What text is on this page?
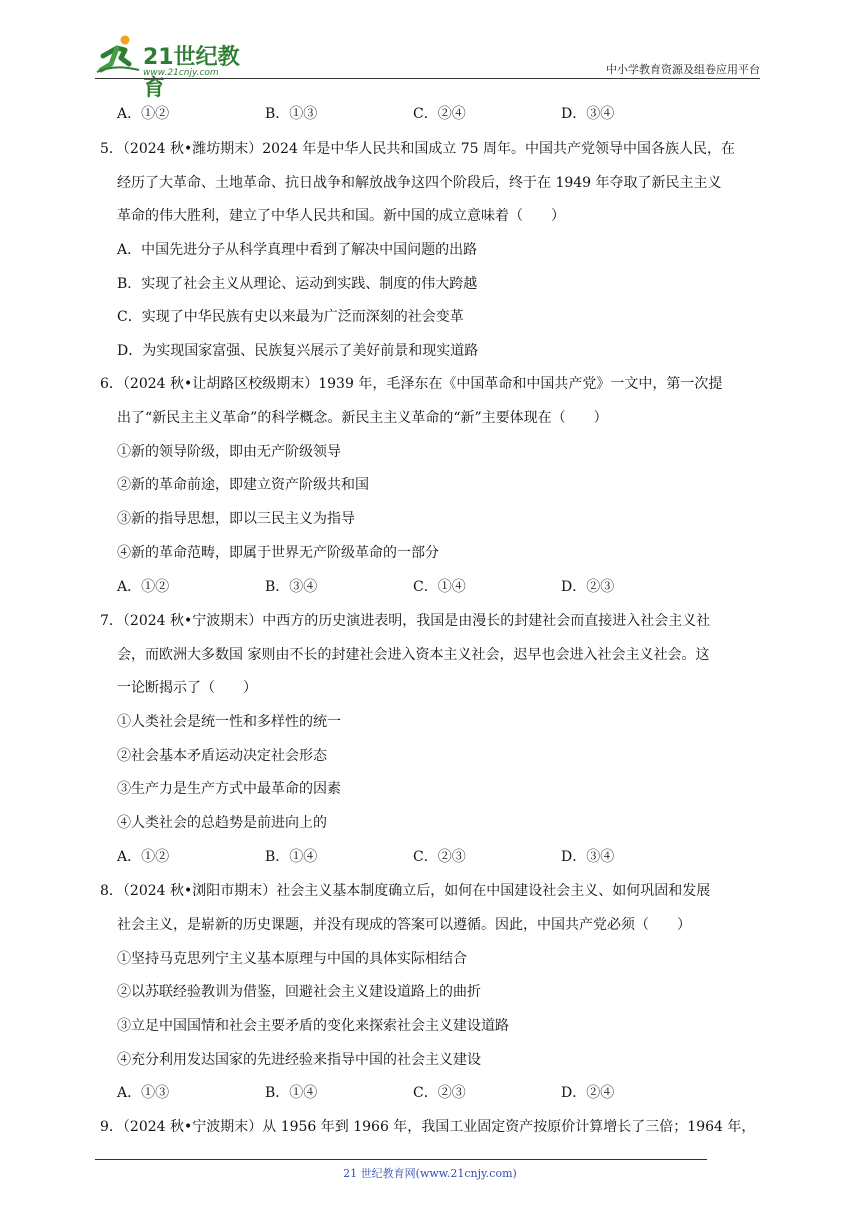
21世纪教育
www.21cnjy.com	中小学教育资源及组卷应用平台
A．①②	B．①③	C．②④	D．③④
5．（2024 秋•潍坊期末）2024 年是中华人民共和国成立 75 周年。中国共产党领导中国各族人民，在
经历了大革命、土地革命、抗日战争和解放战争这四个阶段后，终于在 1949 年夺取了新民主主义
革命的伟大胜利，建立了中华人民共和国。新中国的成立意味着（　　）
A．中国先进分子从科学真理中看到了解决中国问题的出路
B．实现了社会主义从理论、运动到实践、制度的伟大跨越
C．实现了中华民族有史以来最为广泛而深刻的社会变革
D．为实现国家富强、民族复兴展示了美好前景和现实道路
6．（2024 秋•让胡路区校级期末）1939 年，毛泽东在《中国革命和中国共产党》一文中，第一次提
出了“新民主主义革命”的科学概念。新民主主义革命的“新”主要体现在（　　）
①新的领导阶级，即由无产阶级领导
②新的革命前途，即建立资产阶级共和国
③新的指导思想，即以三民主义为指导
④新的革命范畴，即属于世界无产阶级革命的一部分
A．①②	B．③④	C．①④	D．②③
7．（2024 秋•宁波期末）中西方的历史演进表明，我国是由漫长的封建社会而直接进入社会主义社
会，而欧洲大多数国 家则由不长的封建社会进入资本主义社会，迟早也会进入社会主义社会。这
一论断揭示了（　　）
①人类社会是统一性和多样性的统一
②社会基本矛盾运动决定社会形态
③生产力是生产方式中最革命的因素
④人类社会的总趋势是前进向上的
A．①②	B．①④	C．②③	D．③④
8．（2024 秋•浏阳市期末）社会主义基本制度确立后，如何在中国建设社会主义、如何巩固和发展
社会主义，是崭新的历史课题，并没有现成的答案可以遵循。因此，中国共产党必须（　　）
①坚持马克思列宁主义基本原理与中国的具体实际相结合
②以苏联经验教训为借鉴，回避社会主义建设道路上的曲折
③立足中国国情和社会主要矛盾的变化来探索社会主义建设道路
④充分利用发达国家的先进经验来指导中国的社会主义建设
A．①③	B．①④	C．②③	D．②④
9．（2024 秋•宁波期末）从 1956 年到 1966 年，我国工业固定资产按原价计算增长了三倍；1964 年，
21 世纪教育网(www.21cnjy.com)
